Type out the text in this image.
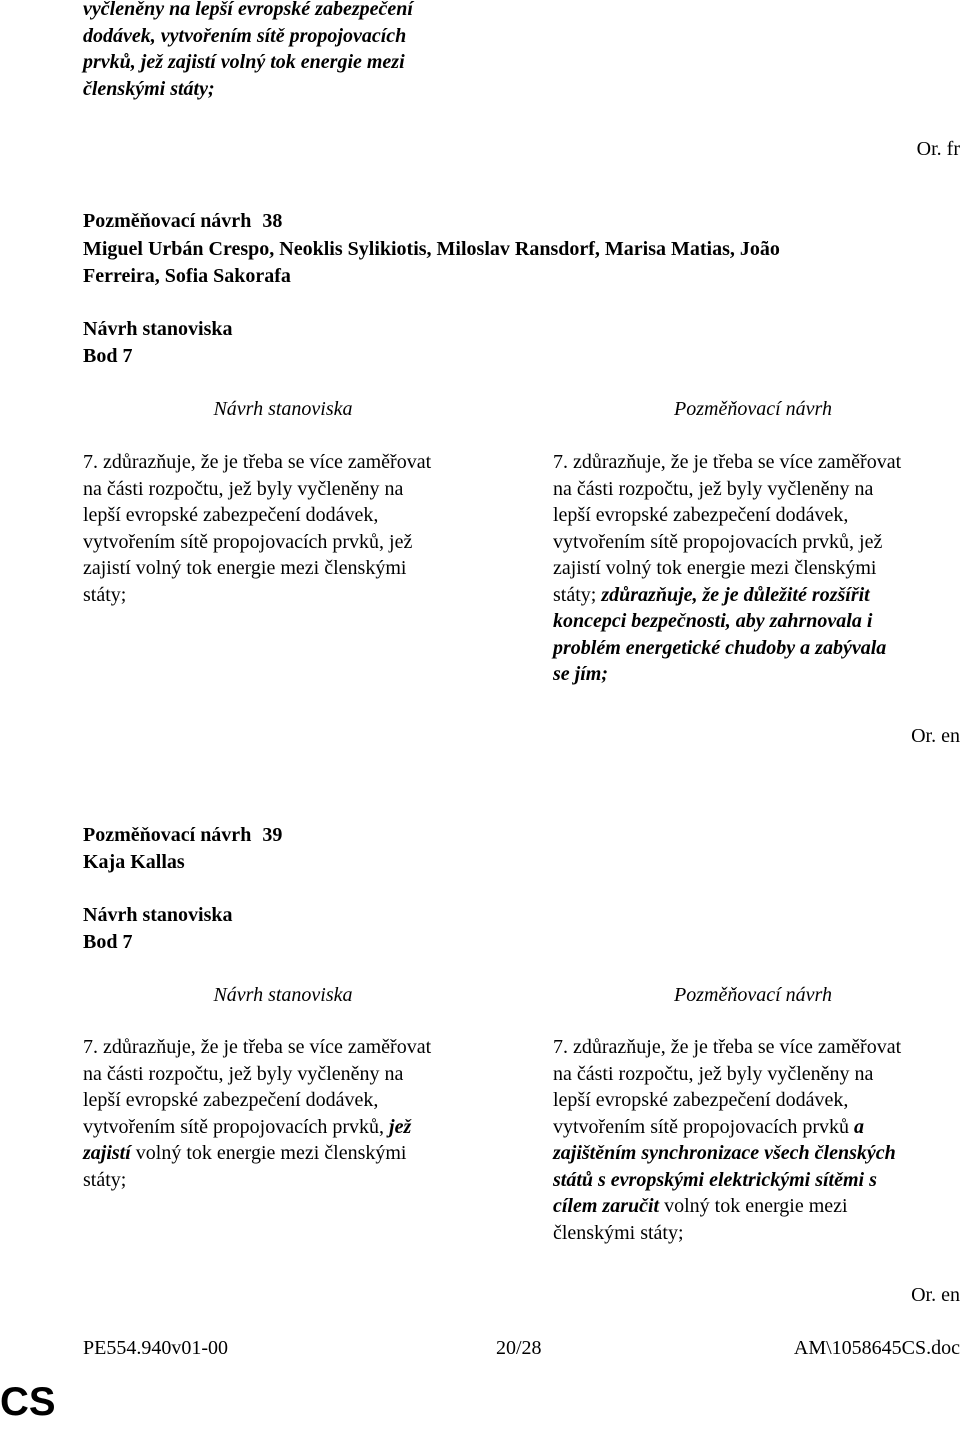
vyčleněny na lepší evropské zabezpečení
dodávek, vytvořením sítě propojovacích
prvků, jež zajistí volný tok energie mezi
členskými státy;
Or. fr
Pozměňovací návrh 38
Miguel Urbán Crespo, Neoklis Sylikiotis, Miloslav Ransdorf, Marisa Matias, João
Ferreira, Sofia Sakorafa
Návrh stanoviska
Bod 7
Návrh stanoviska	Pozměňovací návrh
7. zdůrazňuje, že je třeba se více zaměřovat
na části rozpočtu, jež byly vyčleněny na
lepší evropské zabezpečení dodávek,
vytvořením sítě propojovacích prvků, jež
zajistí volný tok energie mezi členskými
státy;
7. zdůrazňuje, že je třeba se více zaměřovat
na části rozpočtu, jež byly vyčleněny na
lepší evropské zabezpečení dodávek,
vytvořením sítě propojovacích prvků, jež
zajistí volný tok energie mezi členskými
státy; zdůrazňuje, že je důležité rozšířit
koncepci bezpečnosti, aby zahrnovala i
problém energetické chudoby a zabývala
se jím;
Or. en
Pozměňovací návrh 39
Kaja Kallas
Návrh stanoviska
Bod 7
Návrh stanoviska	Pozměňovací návrh
7. zdůrazňuje, že je třeba se více zaměřovat
na části rozpočtu, jež byly vyčleněny na
lepší evropské zabezpečení dodávek,
vytvořením sítě propojovacích prvků, jež
zajistí volný tok energie mezi členskými
státy;
7. zdůrazňuje, že je třeba se více zaměřovat
na části rozpočtu, jež byly vyčleněny na
lepší evropské zabezpečení dodávek,
vytvořením sítě propojovacích prvků a
zajištěním synchronizace všech členských
států s evropskými elektrickými sítěmi s
cílem zaručit volný tok energie mezi
členskými státy;
Or. en
PE554.940v01-00	20/28	AM\1058645CS.doc
CS
